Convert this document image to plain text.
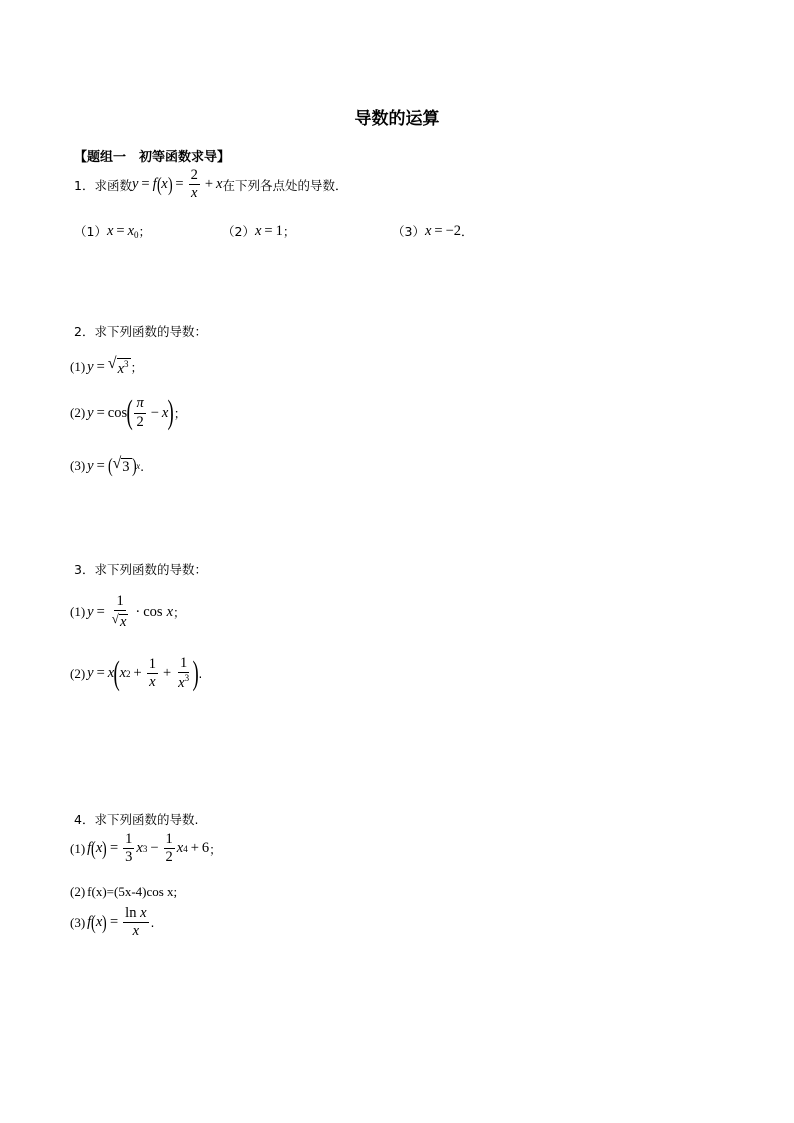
导数的运算
【题组一　初等函数求导】
1．求函数 y = f ( x ) = $\frac{2}{x} + x$ 在下列各点处的导数．
（1） $x = x_0$ ；	（2） x = 1 ；	（3） x = −2 ．
2．求下列函数的导数：
(1) y = √ $x^3$ ；
(2) y = cos ( $\frac{\pi}{2} - x$ ) ；
(3) y = ( √ 3 ) x .
3．求下列函数的导数：
(1) $y = \frac{1}{√ x} \cdot \cos x$ ；
(2) y = x ( x $2 + \frac{1}{x} + \frac{1}{x^3}$ ) .
4．求下列函数的导数.
(1) f ( x ) = $\frac{1}{3}$ x $3 - \frac{1}{2}$ x 4 + 6 ；
(2) f(x)=(5x-4)cos x;
(3) f ( x ) = $\frac{\text{ln x}}{x}$ .
